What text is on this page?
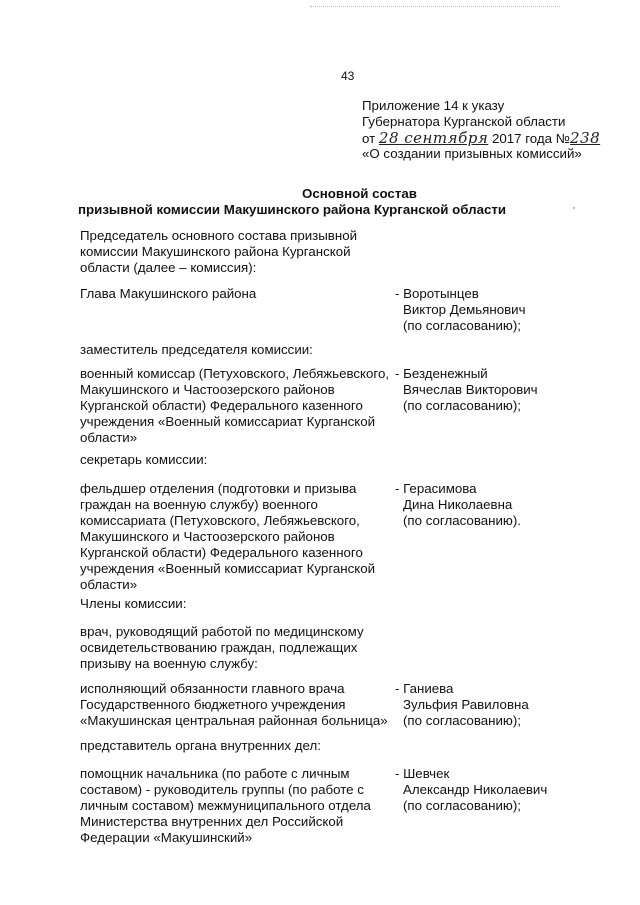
43
Приложение 14 к указу
Губернатора Курганской области
от 28 сентября 2017 года №238
«О создании призывных комиссий»
Основной состав
призывной комиссии Макушинского района Курганской области	'
Председатель основного состава призывной
комиссии Макушинского района Курганской
области (далее – комиссия):
Глава Макушинского района	- Воротынцев
Виктор Демьянович
(по согласованию);
заместитель председателя комиссии:
военный комиссар (Петуховского, Лебяжьевского,
Макушинского и Частоозерского районов
Курганской области) Федерального казенного
учреждения «Военный комиссариат Курганской
области»
- Безденежный
Вячеслав Викторович
(по согласованию);
секретарь комиссии:
фельдшер отделения (подготовки и призыва
граждан на военную службу) военного
комиссариата (Петуховского, Лебяжьевского,
Макушинского и Частоозерского районов
Курганской области) Федерального казенного
учреждения «Военный комиссариат Курганской
области»
- Герасимова
Дина Николаевна
(по согласованию).
Члены комиссии:
врач, руководящий работой по медицинскому
освидетельствованию граждан, подлежащих
призыву на военную службу:
исполняющий обязанности главного врача
Государственного бюджетного учреждения
«Макушинская центральная районная больница»
- Ганиева
Зульфия Равиловна
(по согласованию);
представитель органа внутренних дел:
помощник начальника (по работе с личным
составом) - руководитель группы (по работе с
личным составом) межмуниципального отдела
Министерства внутренних дел Российской
Федерации «Макушинский»
- Шевчек
Александр Николаевич
(по согласованию);
